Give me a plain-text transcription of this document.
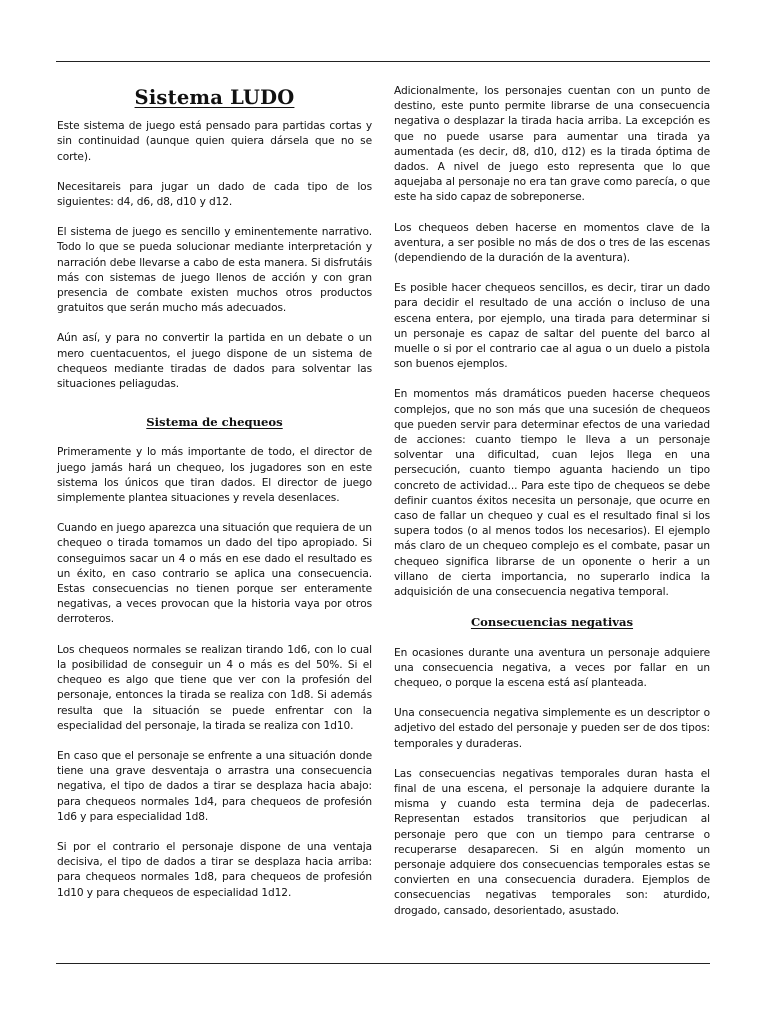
Sistema LUDO

Este sistema de juego está pensado para partidas cortas y sin continuidad (aunque quien quiera dársela que no se corte).

Necesitareis para jugar un dado de cada tipo de los siguientes: d4, d6, d8, d10 y d12.

El sistema de juego es sencillo y eminentemente narrativo. Todo lo que se pueda solucionar mediante interpretación y narración debe llevarse a cabo de esta manera. Si disfrutáis más con sistemas de juego llenos de acción y con gran presencia de combate existen muchos otros productos gratuitos que serán mucho más adecuados.

Aún así, y para no convertir la partida en un debate o un mero cuentacuentos, el juego dispone de un sistema de chequeos mediante tiradas de dados para solventar las situaciones peliagudas.

Sistema de chequeos

Primeramente y lo más importante de todo, el director de juego jamás hará un chequeo, los jugadores son en este sistema los únicos que tiran dados. El director de juego simplemente plantea situaciones y revela desenlaces.

Cuando en juego aparezca una situación que requiera de un chequeo o tirada tomamos un dado del tipo apropiado. Si conseguimos sacar un 4 o más en ese dado el resultado es un éxito, en caso contrario se aplica una consecuencia. Estas consecuencias no tienen porque ser enteramente negativas, a veces provocan que la historia vaya por otros derroteros.

Los chequeos normales se realizan tirando 1d6, con lo cual la posibilidad de conseguir un 4 o más es del 50%. Si el chequeo es algo que tiene que ver con la profesión del personaje, entonces la tirada se realiza con 1d8. Si además resulta que la situación se puede enfrentar con la especialidad del personaje, la tirada se realiza con 1d10.

En caso que el personaje se enfrente a una situación donde tiene una grave desventaja o arrastra una consecuencia negativa, el tipo de dados a tirar se desplaza hacia abajo: para chequeos normales 1d4, para chequeos de profesión 1d6 y para especialidad 1d8.

Si por el contrario el personaje dispone de una ventaja decisiva, el tipo de dados a tirar se desplaza hacia arriba: para chequeos normales 1d8, para chequeos de profesión 1d10 y para chequeos de especialidad 1d12.

Adicionalmente, los personajes cuentan con un punto de destino, este punto permite librarse de una consecuencia negativa o desplazar la tirada hacia arriba. La excepción es que no puede usarse para aumentar una tirada ya aumentada (es decir, d8, d10, d12) es la tirada óptima de dados. A nivel de juego esto representa que lo que aquejaba al personaje no era tan grave como parecía, o que este ha sido capaz de sobreponerse.

Los chequeos deben hacerse en momentos clave de la aventura, a ser posible no más de dos o tres de las escenas (dependiendo de la duración de la aventura).

Es posible hacer chequeos sencillos, es decir, tirar un dado para decidir el resultado de una acción o incluso de una escena entera, por ejemplo, una tirada para determinar si un personaje es capaz de saltar del puente del barco al muelle o si por el contrario cae al agua o un duelo a pistola son buenos ejemplos.

En momentos más dramáticos pueden hacerse chequeos complejos, que no son más que una sucesión de chequeos que pueden servir para determinar efectos de una variedad de acciones: cuanto tiempo le lleva a un personaje solventar una dificultad, cuan lejos llega en una persecución, cuanto tiempo aguanta haciendo un tipo concreto de actividad... Para este tipo de chequeos se debe definir cuantos éxitos necesita un personaje, que ocurre en caso de fallar un chequeo y cual es el resultado final si los supera todos (o al menos todos los necesarios). El ejemplo más claro de un chequeo complejo es el combate, pasar un chequeo significa librarse de un oponente o herir a un villano de cierta importancia, no superarlo indica la adquisición de una consecuencia negativa temporal.

Consecuencias negativas

En ocasiones durante una aventura un personaje adquiere una consecuencia negativa, a veces por fallar en un chequeo, o porque la escena está así planteada.

Una consecuencia negativa simplemente es un descriptor o adjetivo del estado del personaje y pueden ser de dos tipos: temporales y duraderas.

Las consecuencias negativas temporales duran hasta el final de una escena, el personaje la adquiere durante la misma y cuando esta termina deja de padecerlas. Representan estados transitorios que perjudican al personaje pero que con un tiempo para centrarse o recuperarse desaparecen. Si en algún momento un personaje adquiere dos consecuencias temporales estas se convierten en una consecuencia duradera. Ejemplos de consecuencias negativas temporales son: aturdido, drogado, cansado, desorientado, asustado.
